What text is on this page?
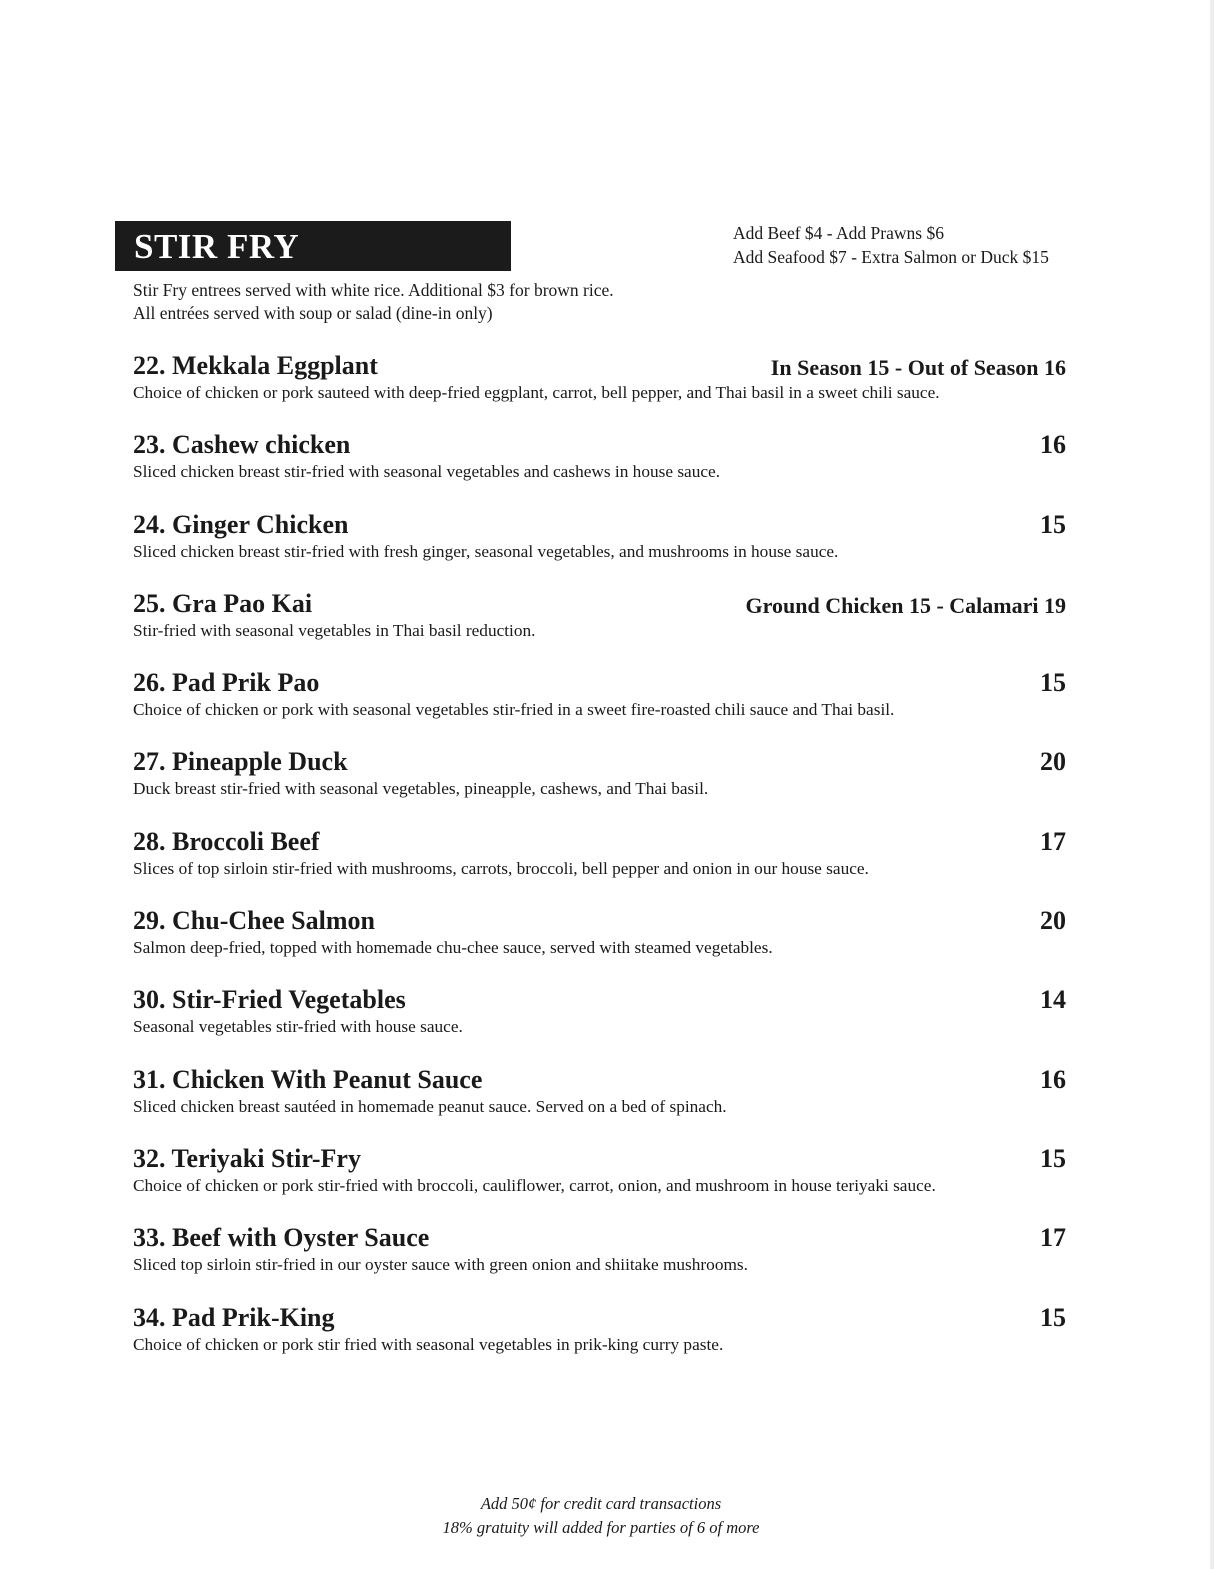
STIR FRY	Add Beef $4 - Add Prawns $6
Add Seafood $7 - Extra Salmon or Duck $15
Stir Fry entrees served with white rice. Additional $3 for brown rice.
All entrées served with soup or salad (dine-in only)
22. Mekkala Eggplant	In Season 15 - Out of Season 16
Choice of chicken or pork sauteed with deep-fried eggplant, carrot, bell pepper, and Thai basil in a sweet chili sauce.
23. Cashew chicken	16
Sliced chicken breast stir-fried with seasonal vegetables and cashews in house sauce.
24. Ginger Chicken	15
Sliced chicken breast stir-fried with fresh ginger, seasonal vegetables, and mushrooms in house sauce.
25. Gra Pao Kai	Ground Chicken 15 - Calamari 19
Stir-fried with seasonal vegetables in Thai basil reduction.
26. Pad Prik Pao	15
Choice of chicken or pork with seasonal vegetables stir-fried in a sweet fire-roasted chili sauce and Thai basil.
27. Pineapple Duck	20
Duck breast stir-fried with seasonal vegetables, pineapple, cashews, and Thai basil.
28. Broccoli Beef	17
Slices of top sirloin stir-fried with mushrooms, carrots, broccoli, bell pepper and onion in our house sauce.
29. Chu-Chee Salmon	20
Salmon deep-fried, topped with homemade chu-chee sauce, served with steamed vegetables.
30. Stir-Fried Vegetables	14
Seasonal vegetables stir-fried with house sauce.
31. Chicken With Peanut Sauce	16
Sliced chicken breast sautéed in homemade peanut sauce. Served on a bed of spinach.
32. Teriyaki Stir-Fry	15
Choice of chicken or pork stir-fried with broccoli, cauliflower, carrot, onion, and mushroom in house teriyaki sauce.
33. Beef with Oyster Sauce	17
Sliced top sirloin stir-fried in our oyster sauce with green onion and shiitake mushrooms.
34. Pad Prik-King	15
Choice of chicken or pork stir fried with seasonal vegetables in prik-king curry paste.
Add 50¢ for credit card transactions
18% gratuity will added for parties of 6 of more
